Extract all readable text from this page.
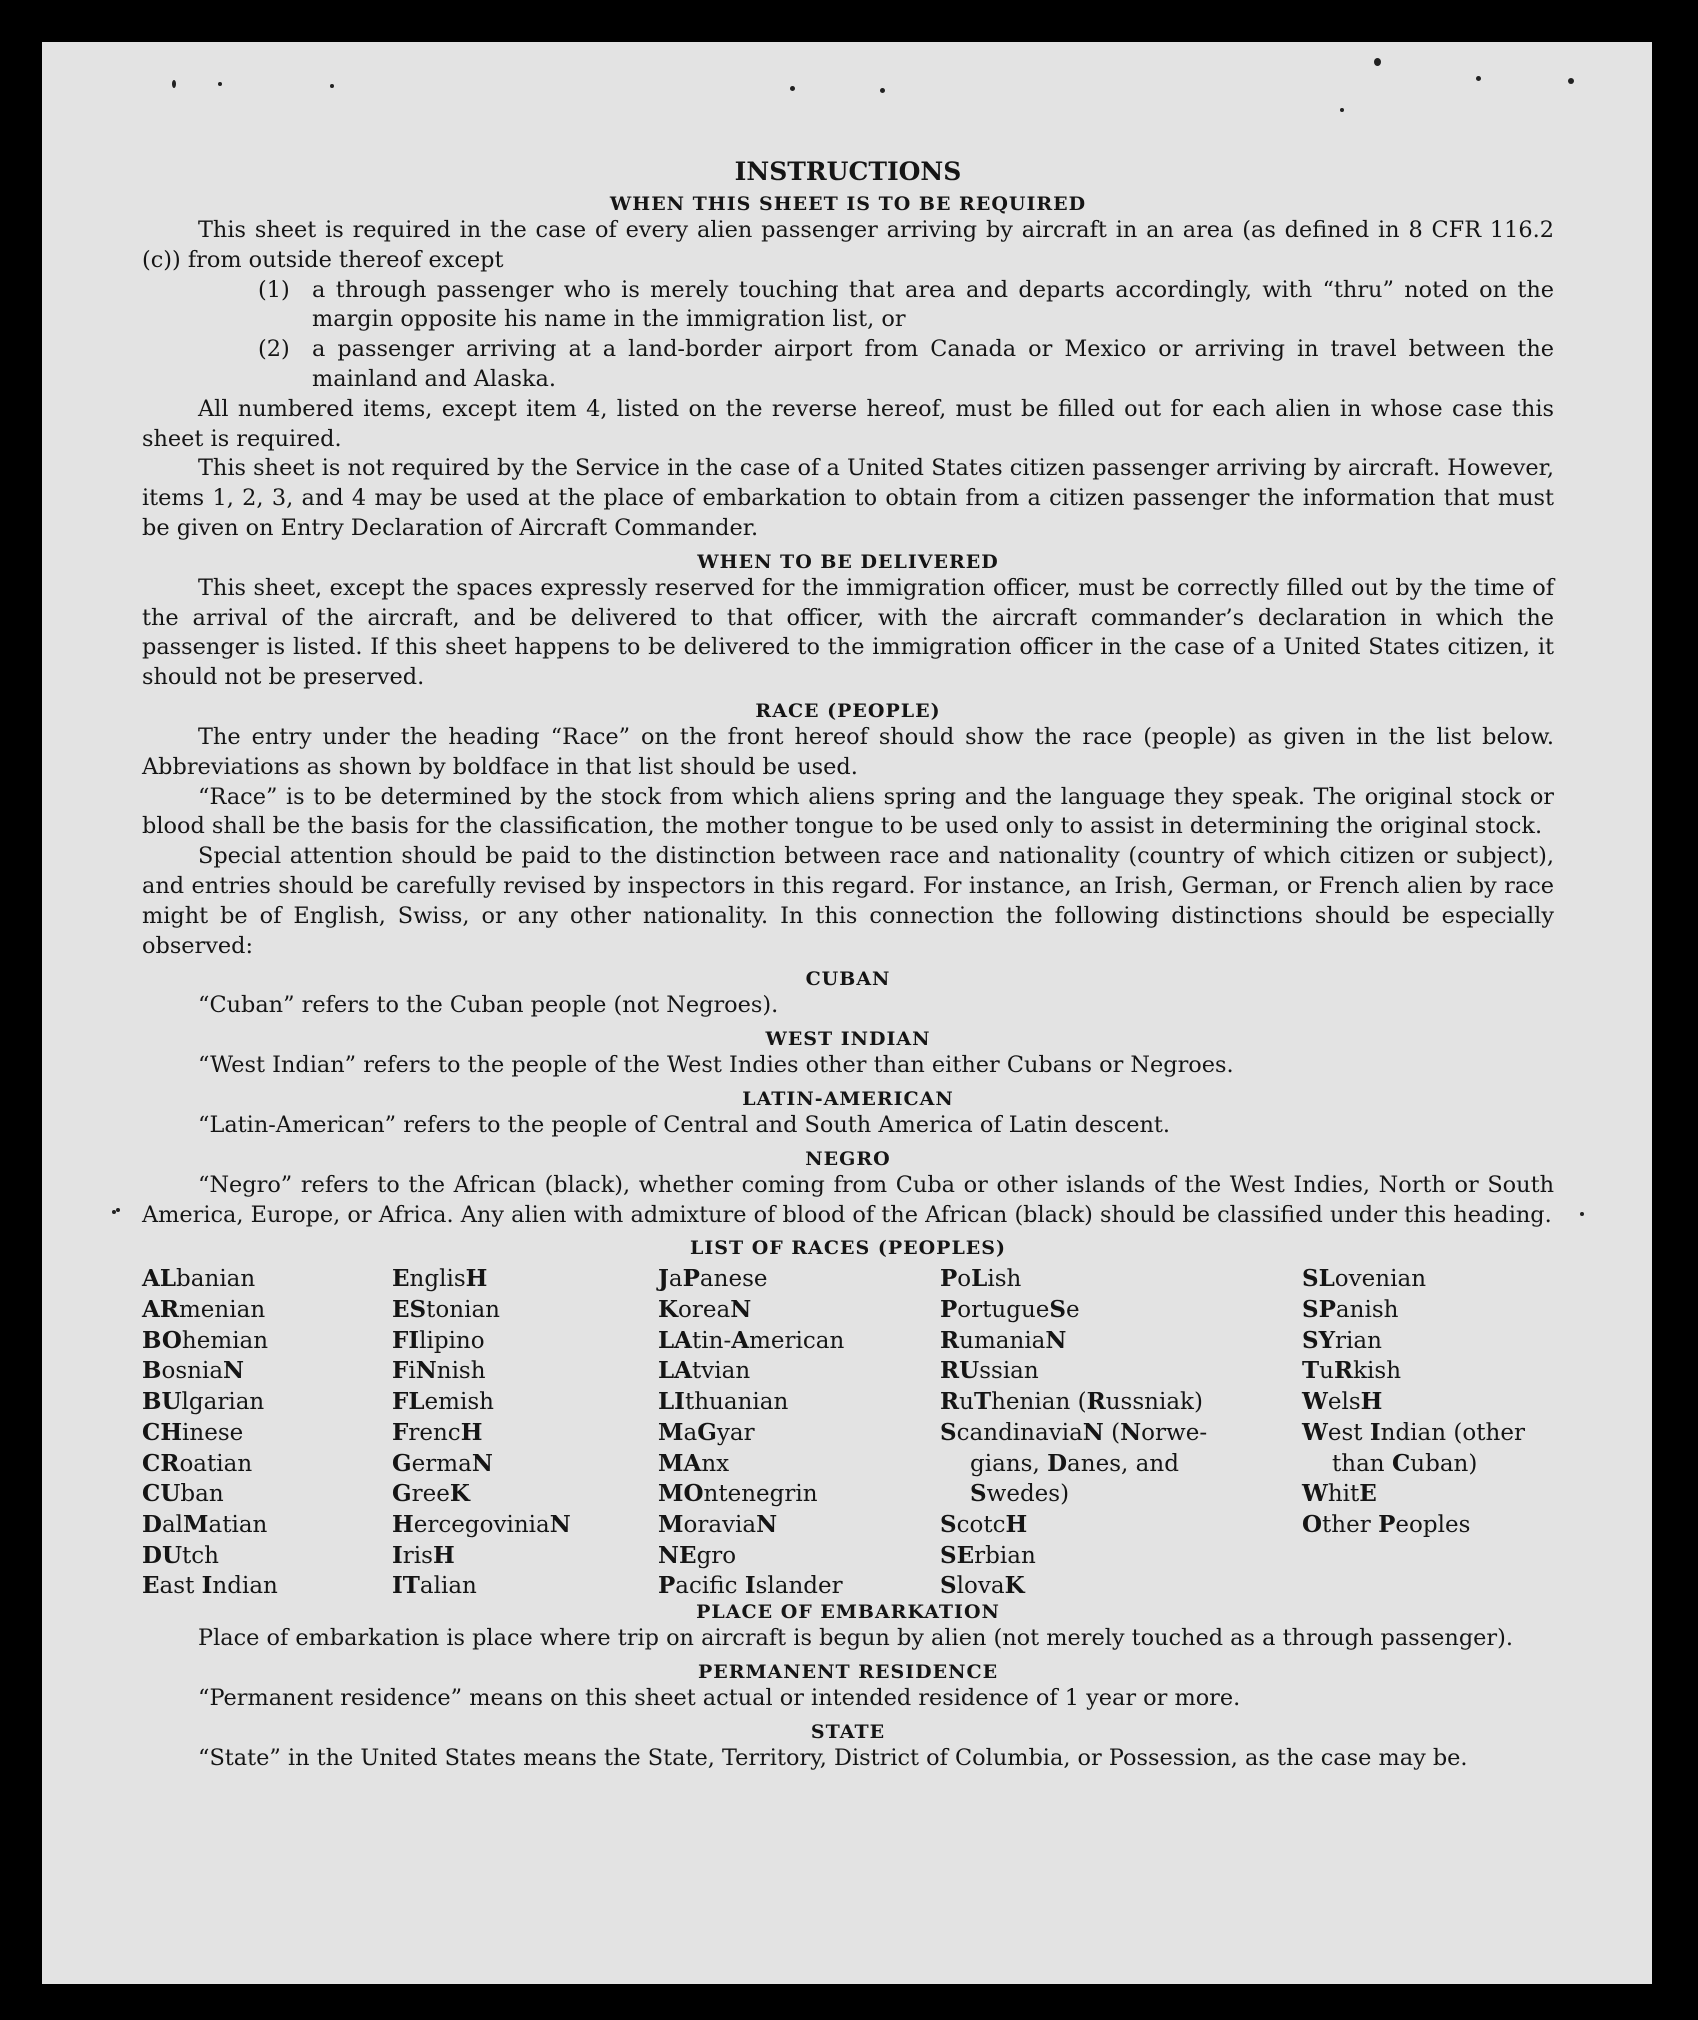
INSTRUCTIONS
WHEN THIS SHEET IS TO BE REQUIRED

This sheet is required in the case of every alien passenger arriving by aircraft in an area (as defined in 8 CFR 116.2 (c)) from outside thereof except

(1) a through passenger who is merely touching that area and departs accordingly, with “thru” noted on the margin opposite his name in the immigration list, or
(2) a passenger arriving at a land-border airport from Canada or Mexico or arriving in travel between the mainland and Alaska.

All numbered items, except item 4, listed on the reverse hereof, must be filled out for each alien in whose case this sheet is required.

This sheet is not required by the Service in the case of a United States citizen passenger arriving by aircraft. However, items 1, 2, 3, and 4 may be used at the place of embarkation to obtain from a citizen passenger the information that must be given on Entry Declaration of Aircraft Commander.

WHEN TO BE DELIVERED

This sheet, except the spaces expressly reserved for the immigration officer, must be correctly filled out by the time of the arrival of the aircraft, and be delivered to that officer, with the aircraft commander’s declaration in which the passenger is listed. If this sheet happens to be delivered to the immigration officer in the case of a United States citizen, it should not be preserved.

RACE (PEOPLE)

The entry under the heading “Race” on the front hereof should show the race (people) as given in the list below. Abbreviations as shown by boldface in that list should be used.

“Race” is to be determined by the stock from which aliens spring and the language they speak. The original stock or blood shall be the basis for the classification, the mother tongue to be used only to assist in determining the original stock.

Special attention should be paid to the distinction between race and nationality (country of which citizen or subject), and entries should be carefully revised by inspectors in this regard. For instance, an Irish, German, or French alien by race might be of English, Swiss, or any other nationality. In this connection the following distinctions should be especially observed:

CUBAN

“Cuban” refers to the Cuban people (not Negroes).

WEST INDIAN

“West Indian” refers to the people of the West Indies other than either Cubans or Negroes.

LATIN-AMERICAN

“Latin-American” refers to the people of Central and South America of Latin descent.

NEGRO

“Negro” refers to the African (black), whether coming from Cuba or other islands of the West Indies, North or South America, Europe, or Africa. Any alien with admixture of blood of the African (black) should be classified under this heading.

LIST OF RACES (PEOPLES)
ALbanian
ARmenian
BOhemian
BosniaN
BUlgarian
CHinese
CRoatian
CUban
DalMatian
DUtch
East Indian
EnglisH
EStonian
FIlipino
FiNnish
FLemish
FrencH
GermaN
GreeK
HercegoviniaN
IrisH
ITalian
JaPanese
KoreaN
LAtin-American
LAtvian
LIthuanian
MaGyar
MAnx
MOntenegrin
MoraviaN
NEgro
Pacifc Islander
PoLish
PortugueSe
RumaniaN
RUssian
RuThenian (Russniak)
ScandinaviaN (Norwe-
gians, Danes, and
Swedes)
ScotcH
SErbian
SlovaK
SLovenian
SPanish
SYrian
TuRkish
WelsH
West Indian (other
than Cuban)
WhitE
Other Peoples
PLACE OF EMBARKATION

Place of embarkation is place where trip on aircraft is begun by alien (not merely touched as a through passenger).

PERMANENT RESIDENCE

“Permanent residence” means on this sheet actual or intended residence of 1 year or more.

STATE

“State” in the United States means the State, Territory, District of Columbia, or Possession, as the case may be.
